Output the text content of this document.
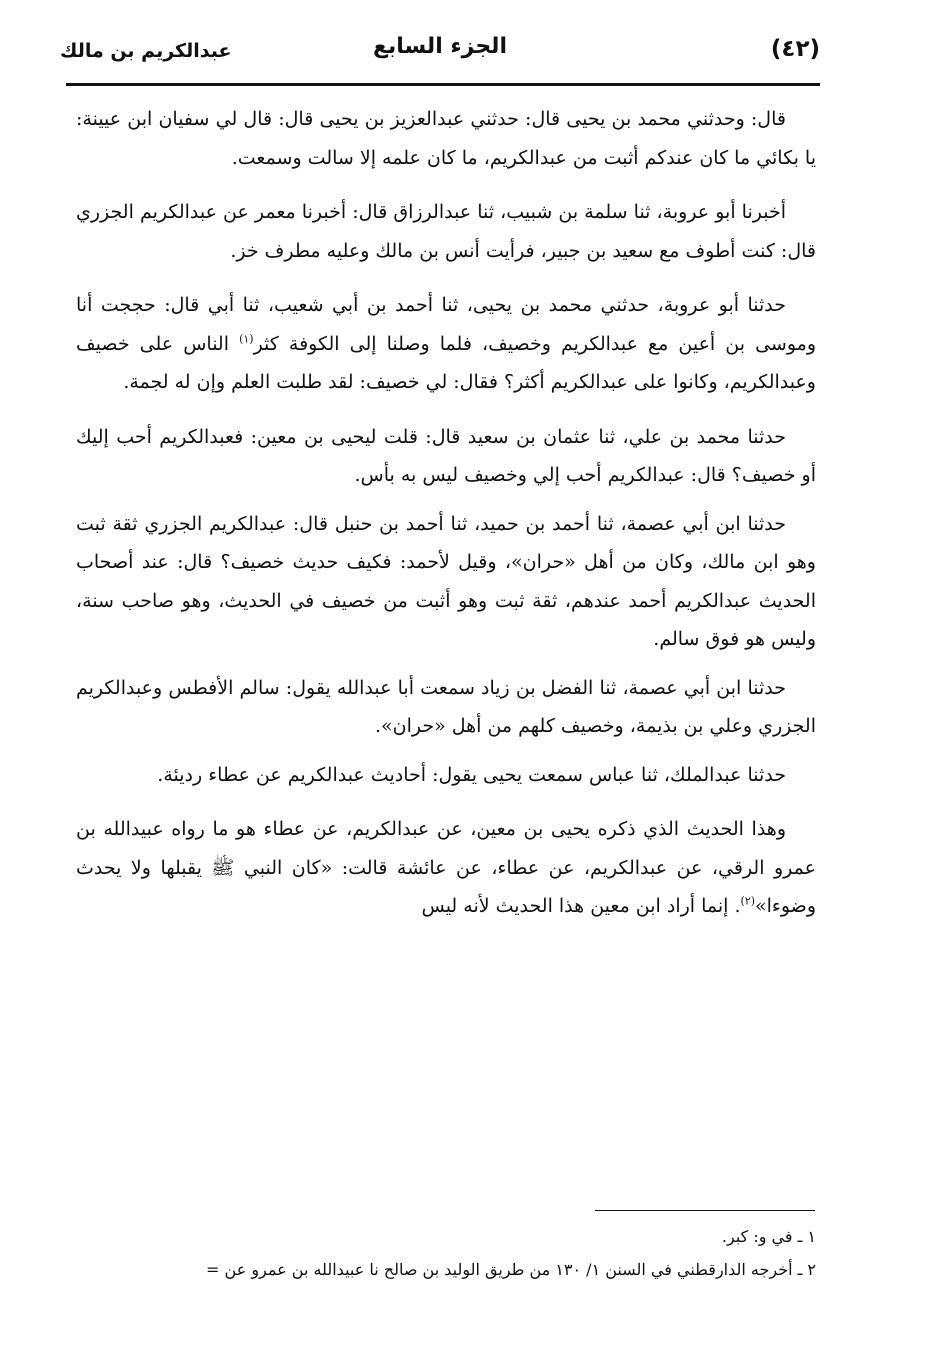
(٤٢)
الجزء السابع
عبدالكريم بن مالك

قال: وحدثني محمد بن يحيى قال: حدثني عبدالعزيز بن يحيى قال: قال لي سفيان ابن عيينة: يا بكائي ما كان عندكم أثبت من عبدالكريم، ما كان علمه إلا سالت وسمعت.

أخبرنا أبو عروبة، ثنا سلمة بن شبيب، ثنا عبدالرزاق قال: أخبرنا معمر عن عبدالكريم الجزري قال: كنت أطوف مع سعيد بن جبير، فرأيت أنس بن مالك وعليه مطرف خز.

حدثنا أبو عروبة، حدثني محمد بن يحيى، ثنا أحمد بن أبي شعيب، ثنا أبي قال: حججت أنا وموسى بن أعين مع عبدالكريم وخصيف، فلما وصلنا إلى الكوفة كثر$^{(١)}$ الناس على خصيف وعبدالكريم، وكانوا على عبدالكريم أكثر؟ فقال: لي خصيف: لقد طلبت العلم وإن له لجمة.

حدثنا محمد بن علي، ثنا عثمان بن سعيد قال: قلت ليحيى بن معين: فعبدالكريم أحب إليك أو خصيف؟ قال: عبدالكريم أحب إلي وخصيف ليس به بأس.

حدثنا ابن أبي عصمة، ثنا أحمد بن حميد، ثنا أحمد بن حنبل قال: عبدالكريم الجزري ثقة ثبت وهو ابن مالك، وكان من أهل «حران»، وقيل لأحمد: فكيف حديث خصيف؟ قال: عند أصحاب الحديث عبدالكريم أحمد عندهم، ثقة ثبت وهو أثبت من خصيف في الحديث، وهو صاحب سنة، وليس هو فوق سالم.

حدثنا ابن أبي عصمة، ثنا الفضل بن زياد سمعت أبا عبدالله يقول: سالم الأفطس وعبدالكريم الجزري وعلي بن بذيمة، وخصيف كلهم من أهل «حران».

حدثنا عبدالملك، ثنا عباس سمعت يحيى يقول: أحاديث عبدالكريم عن عطاء رديئة.

وهذا الحديث الذي ذكره يحيى بن معين، عن عبدالكريم، عن عطاء هو ما رواه عبيدالله بن عمرو الرقي، عن عبدالكريم، عن عطاء، عن عائشة قالت: «كان النبي ﷺ يقبلها ولا يحدث وضوءا»$^{(٢)}$. إنما أراد ابن معين هذا الحديث لأنه ليس

١ ـ في و: كبر.

٢ ـ أخرجه الدارقطني في السنن ١/ ١٣٠ من طريق الوليد بن صالح نا عبيدالله بن عمرو عن =
